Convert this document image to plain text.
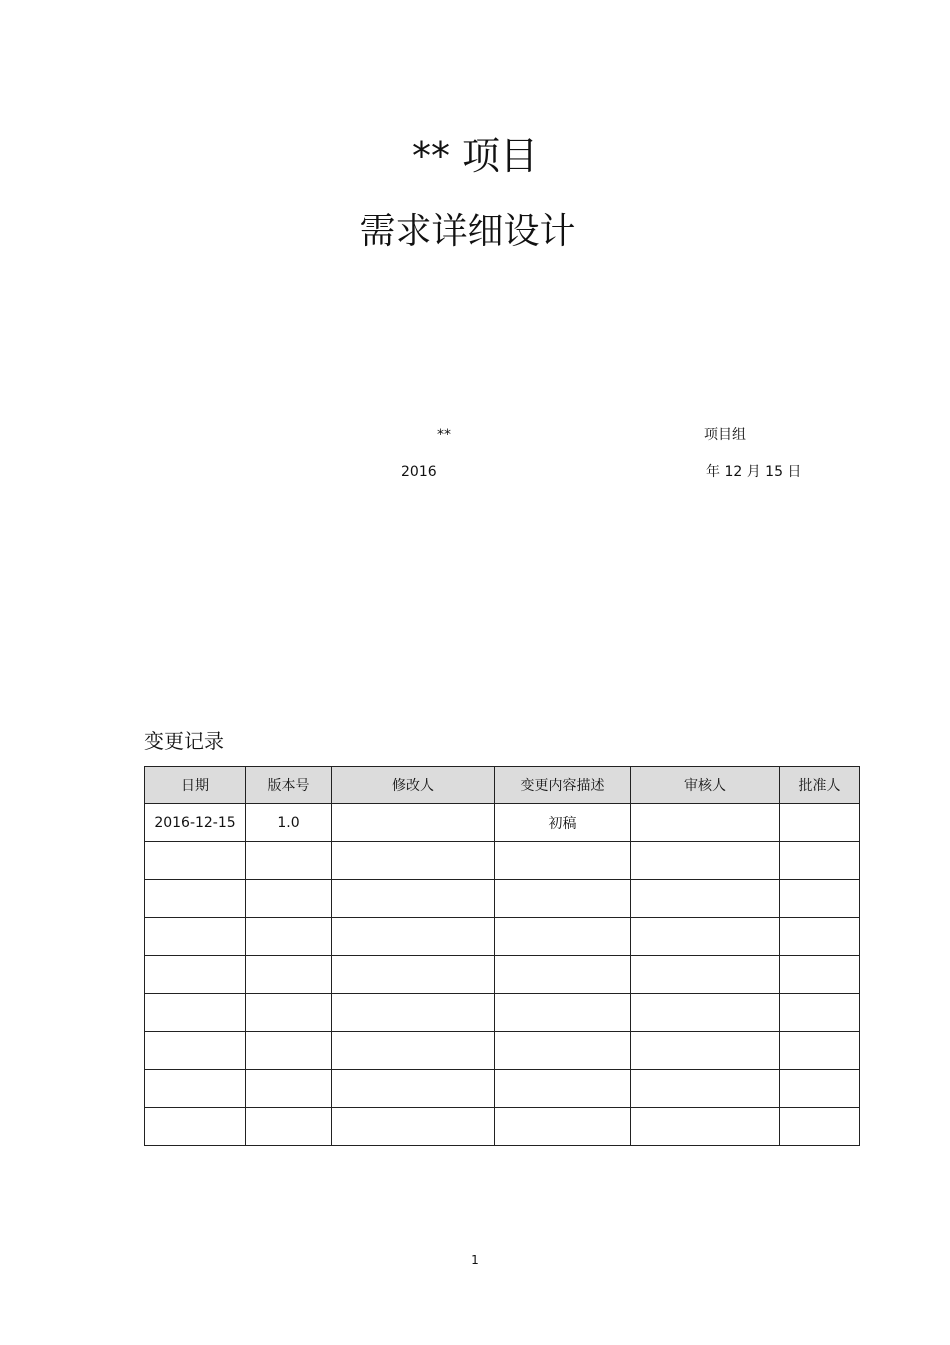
** 项目
需求详细设计
**	项目组
2016	年 12 月 15 日
变更记录
日期	版本号	修改人	变更内容描述	审核人	批准人
2016-12-15	1.0		初稿		

1
